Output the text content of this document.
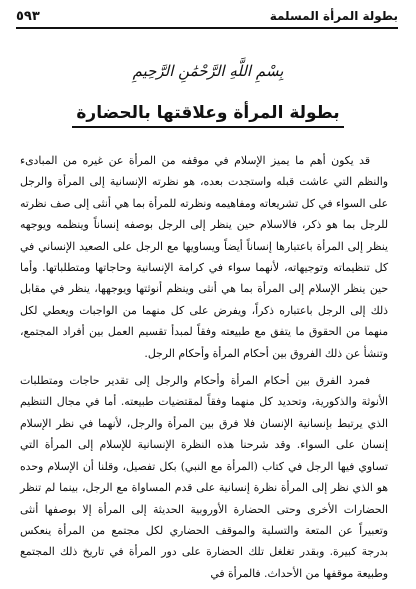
بطولة المرأة المسلمة
٥٩٣
بِسْمِ اللَّهِ الرَّحْمَٰنِ الرَّحِيمِ
بطولة المرأة وعلاقتها بالحضارة

قد يكون أهم ما يميز الإسلام في موقفه من المرأة عن غيره من المبادىء والنظم التي عاشت قبله واستجدت بعده، هو نظرته الإنسانية إلى المرأة والرجل على السواء في كل تشريعاته ومفاهيمه ونظرته للمرأة بما هي أنثى إلى صف نظرته للرجل بما هو ذكر، فالاسلام حين ينظر إلى الرجل بوصفه إنساناً وينظمه ويوجهه ينظر إلى المرأة باعتبارها إنساناً أيضاً ويساويها مع الرجل على الصعيد الإنساني في كل تنظيماته وتوجيهاته، لأنهما سواء في كرامة الإنسانية وحاجاتها ومتطلباتها. وأما حين ينظر الإسلام إلى المرأة بما هي أنثى وينظم أنوثتها ويوجهها، ينظر في مقابل ذلك إلى الرجل باعتباره ذكراً، ويفرض على كل منهما من الواجبات ويعطي لكل منهما من الحقوق ما يتفق مع طبيعته وفقاً لمبدأ تقسيم العمل بين أفراد المجتمع، وتنشأ عن ذلك الفروق بين أحكام المرأة وأحكام الرجل.

فمرد الفرق بين أحكام المرأة وأحكام والرجل إلى تقدير حاجات ومتطلبات الأنوثة والذكورية، وتحديد كل منهما وفقاً لمقتضيات طبيعته. أما في مجال التنظيم الذي يرتبط بإنسانية الإنسان فلا فرق بين المرأة والرجل، لأنهما في نظر الإسلام إنسان على السواء. وقد شرحنا هذه النظرة الإنسانية للإسلام إلى المرأة التي تساوي فيها الرجل في كتاب (المرأة مع النبي) بكل تفصيل، وقلنا أن الإسلام وحده هو الذي نظر إلى المرأة نظرة إنسانية على قدم المساواة مع الرجل، بينما لم تنظر الحضارات الأخرى وحتى الحضارة الأوروبية الحديثة إلى المرأة إلا بوصفها أنثى وتعبيراً عن المتعة والتسلية والموقف الحضاري لكل مجتمع من المرأة ينعكس بدرجة كبيرة. وبقدر تغلغل تلك الحضارة على دور المرأة في تاريخ ذلك المجتمع وطبيعة موقفها من الأحداث. فالمرأة في
